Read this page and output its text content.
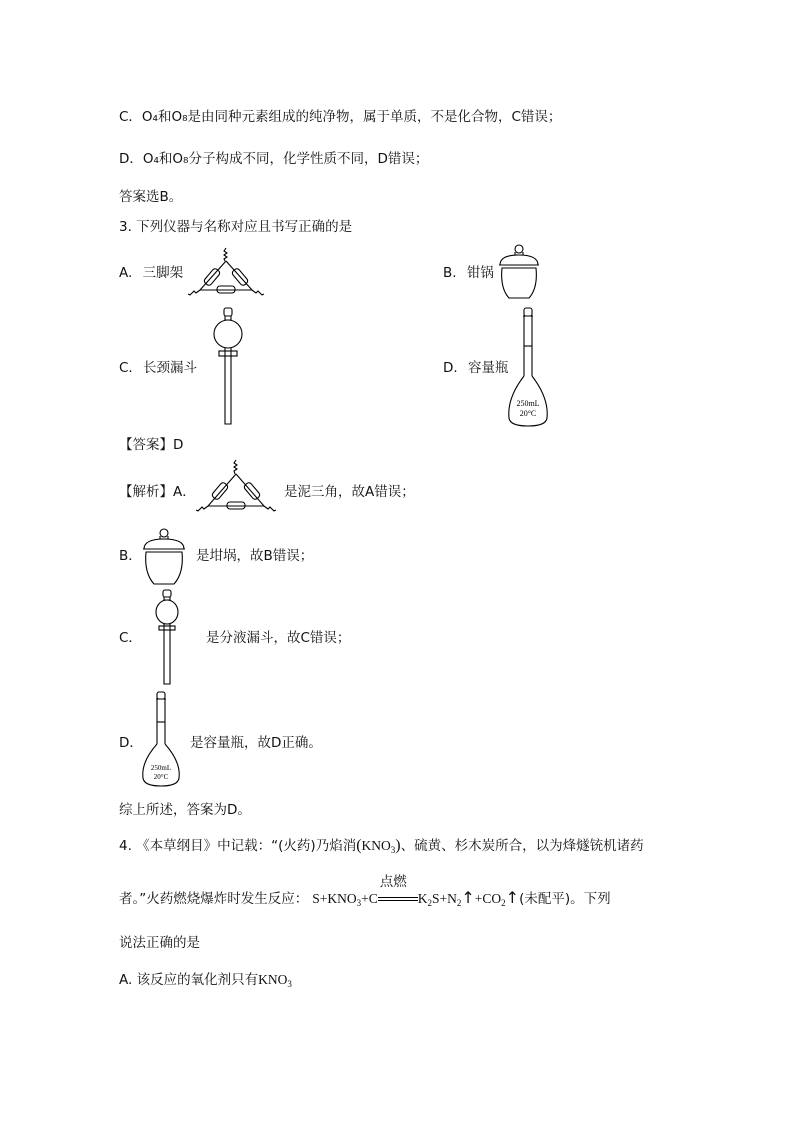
C．O₄和O₈是由同种元素组成的纯净物，属于单质，不是化合物，C错误；
D．O₄和O₈分子构成不同，化学性质不同，D错误；
答案选B。
3. 下列仪器与名称对应且书写正确的是
A. 三脚架	B. 钳锅
C. 长颈漏斗	D. 容量瓶
250mL
20°C
【答案】D
【解析】A．	是泥三角，故A错误；
B．	是坩埚，故B错误；
C．	是分液漏斗，故C错误；
D．
250mL
20°C
是容量瓶，故D正确。
综上所述，答案为D。
4. 《本草纲目》中记载：“(火药)乃焰消$(KNO_3)$、硫黄、杉木炭所合，以为烽燧铳机诸药
者。”火药燃烧爆炸时发生反应： $S+KNO_3+C$
点燃
$K_2S+N_2↑+CO_2↑$(未配平)。下列
说法正确的是
A. 该反应的氧化剂只有$KNO_3$
